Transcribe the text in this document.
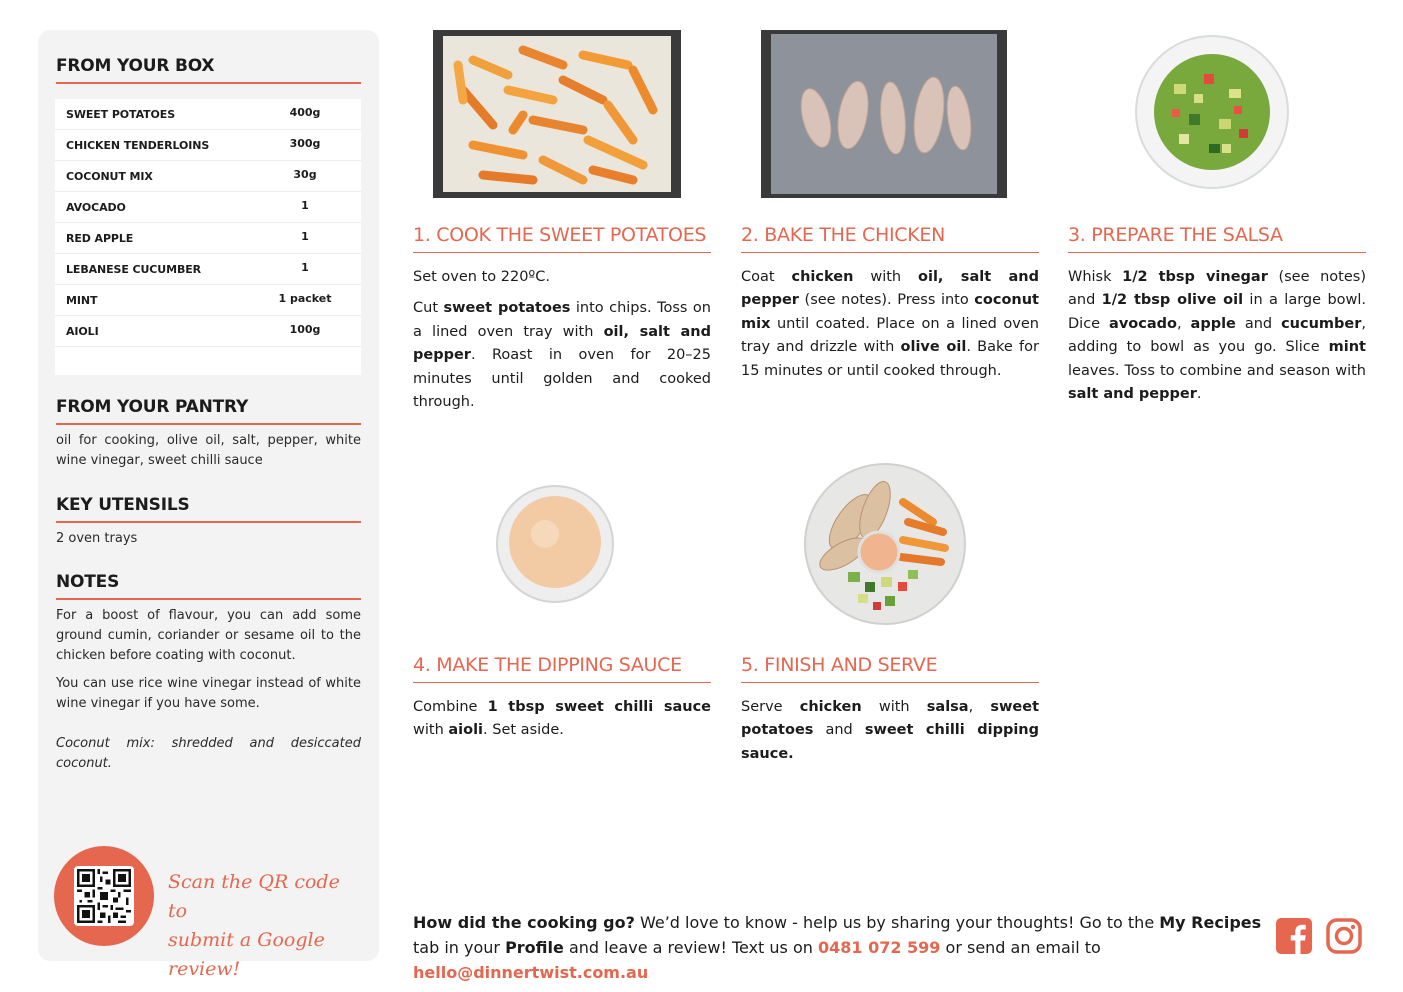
FROM YOUR BOX
SWEET POTATOES	400g
CHICKEN TENDERLOINS	300g
COCONUT MIX	30g
AVOCADO	1
RED APPLE	1
LEBANESE CUCUMBER	1
MINT	1 packet
AIOLI	100g
FROM YOUR PANTRY
oil for cooking, olive oil, salt, pepper, white wine vinegar, sweet chilli sauce
KEY UTENSILS
2 oven trays
NOTES
For a boost of flavour, you can add some ground cumin, coriander or sesame oil to the chicken before coating with coconut.
You can use rice wine vinegar instead of white wine vinegar if you have some.
Coconut mix: shredded and desiccated coconut.
Scan the QR code to
submit a Google review!
1. COOK THE SWEET POTATOES

Set oven to 220ºC.

Cut sweet potatoes into chips. Toss on a lined oven tray with oil, salt and pepper. Roast in oven for 20–25 minutes until golden and cooked through.

2. BAKE THE CHICKEN

Coat chicken with oil, salt and pepper (see notes). Press into coconut mix until coated. Place on a lined oven tray and drizzle with olive oil. Bake for 15 minutes or until cooked through.

3. PREPARE THE SALSA

Whisk 1/2 tbsp vinegar (see notes) and 1/2 tbsp olive oil in a large bowl. Dice avocado, apple and cucumber, adding to bowl as you go. Slice mint leaves. Toss to combine and season with salt and pepper.

4. MAKE THE DIPPING SAUCE

Combine 1 tbsp sweet chilli sauce with aioli. Set aside.

5. FINISH AND SERVE

Serve chicken with salsa, sweet potatoes and sweet chilli dipping sauce.

How did the cooking go? We’d love to know - help us by sharing your thoughts! Go to the My Recipes tab in your Profile and leave a review! Text us on 0481 072 599 or send an email to hello@dinnertwist.com.au
